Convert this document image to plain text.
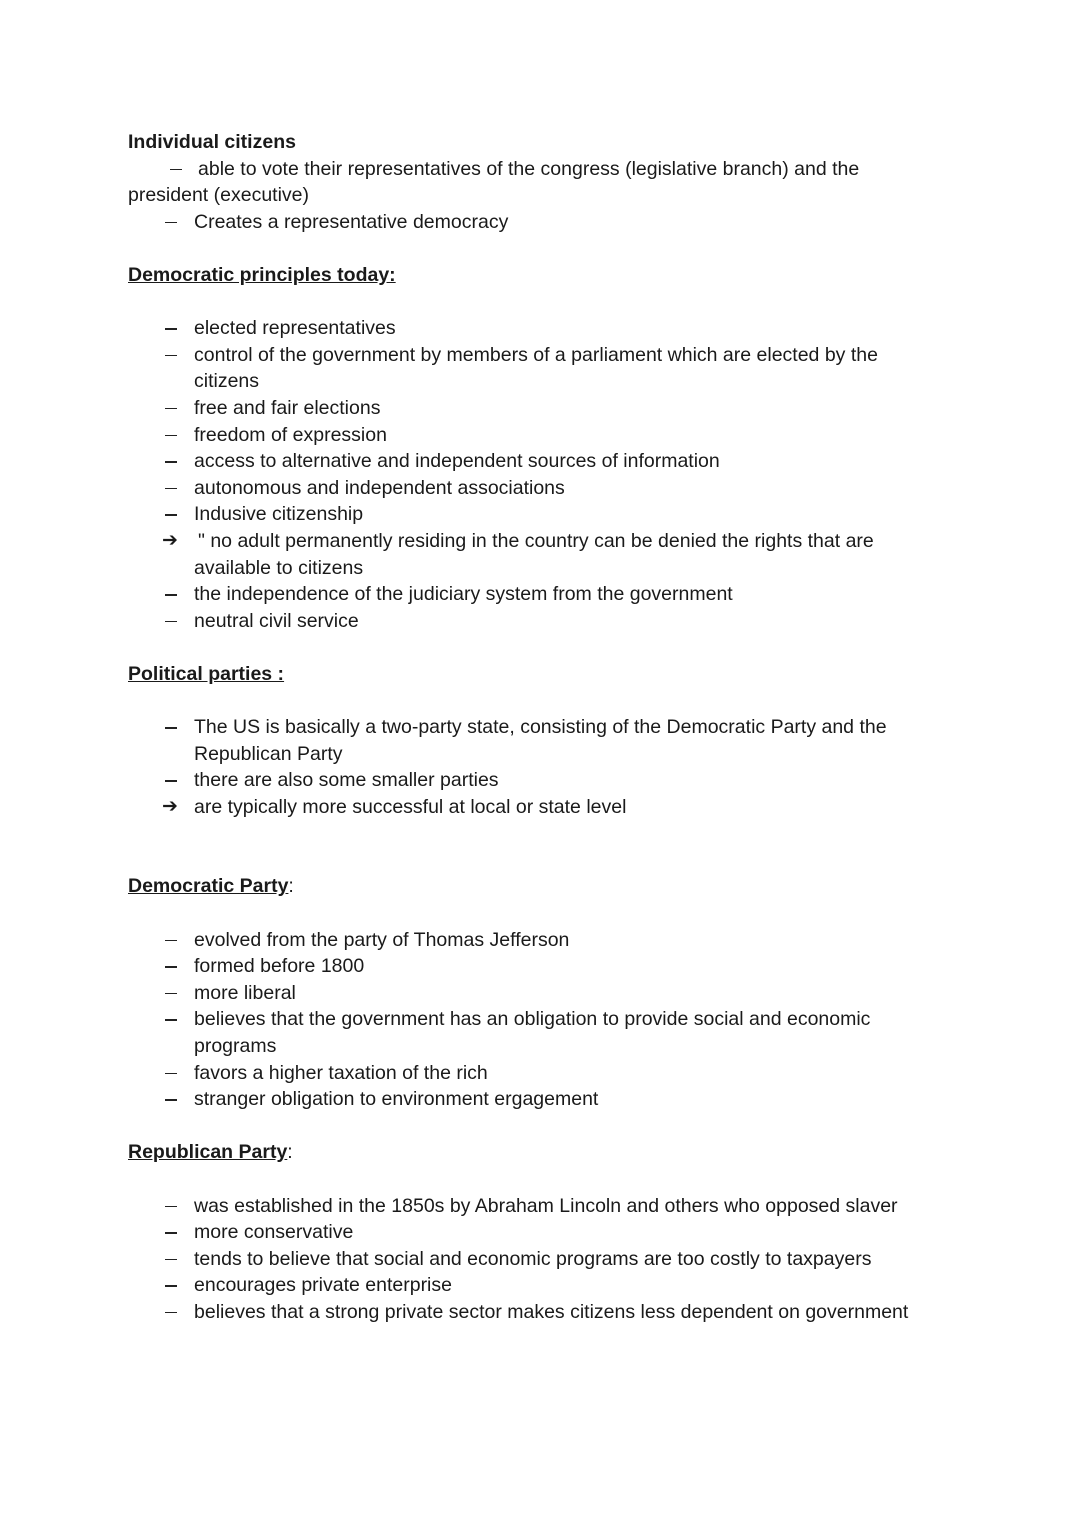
Individual citizens
able to vote their representatives of the congress (legislative branch) and the
president (executive)
Creates a representative democracy
Democratic principles today:
elected representatives
control of the government by members of a parliament which are elected by the citizens
free and fair elections
freedom of expression
access to alternative and independent sources of information
autonomous and independent associations
Indusive citizenship
➔ " no adult permanently residing in the country can be denied the rights that are available to citizens
the independence of the judiciary system from the government
neutral civil service
Political parties :
The US is basically a two-party state, consisting of the Democratic Party and the Republican Party
there are also some smaller parties
➔ are typically more successful at local or state level
Democratic Party:
evolved from the party of Thomas Jefferson
formed before 1800
more liberal
believes that the government has an obligation to provide social and economic programs
favors a higher taxation of the rich
stranger obligation to environment ergagement
Republican Party:
was established in the 1850s by Abraham Lincoln and others who opposed slaver
more conservative
tends to believe that social and economic programs are too costly to taxpayers
encourages private enterprise
believes that a strong private sector makes citizens less dependent on government
